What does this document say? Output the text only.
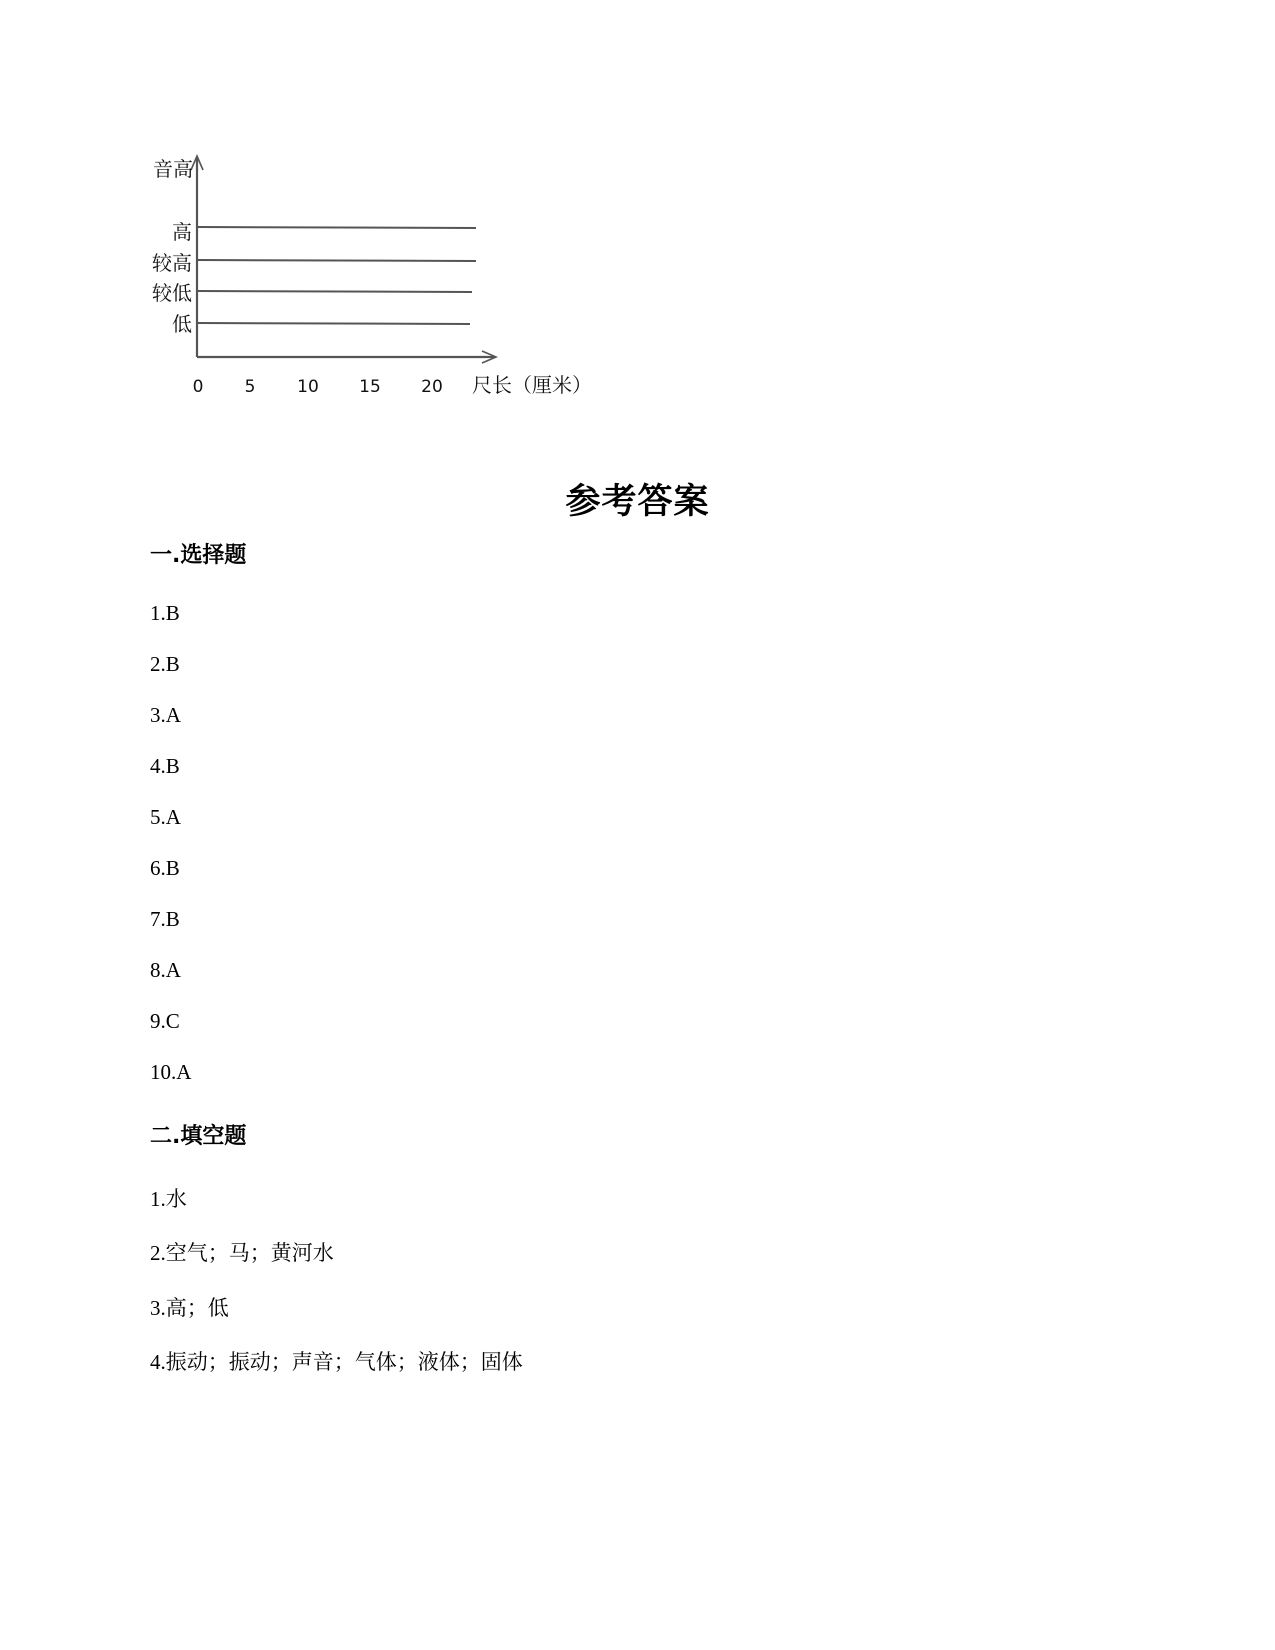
音高
高
较高
较低
低
0 5 10 15 20 尺长（厘米）
参考答案
一.选择题
1.B
2.B
3.A
4.B
5.A
6.B
7.B
8.A
9.C
10.A
二.填空题
1.水
2.空气；马；黄河水
3.高；低
4.振动；振动；声音；气体；液体；固体
